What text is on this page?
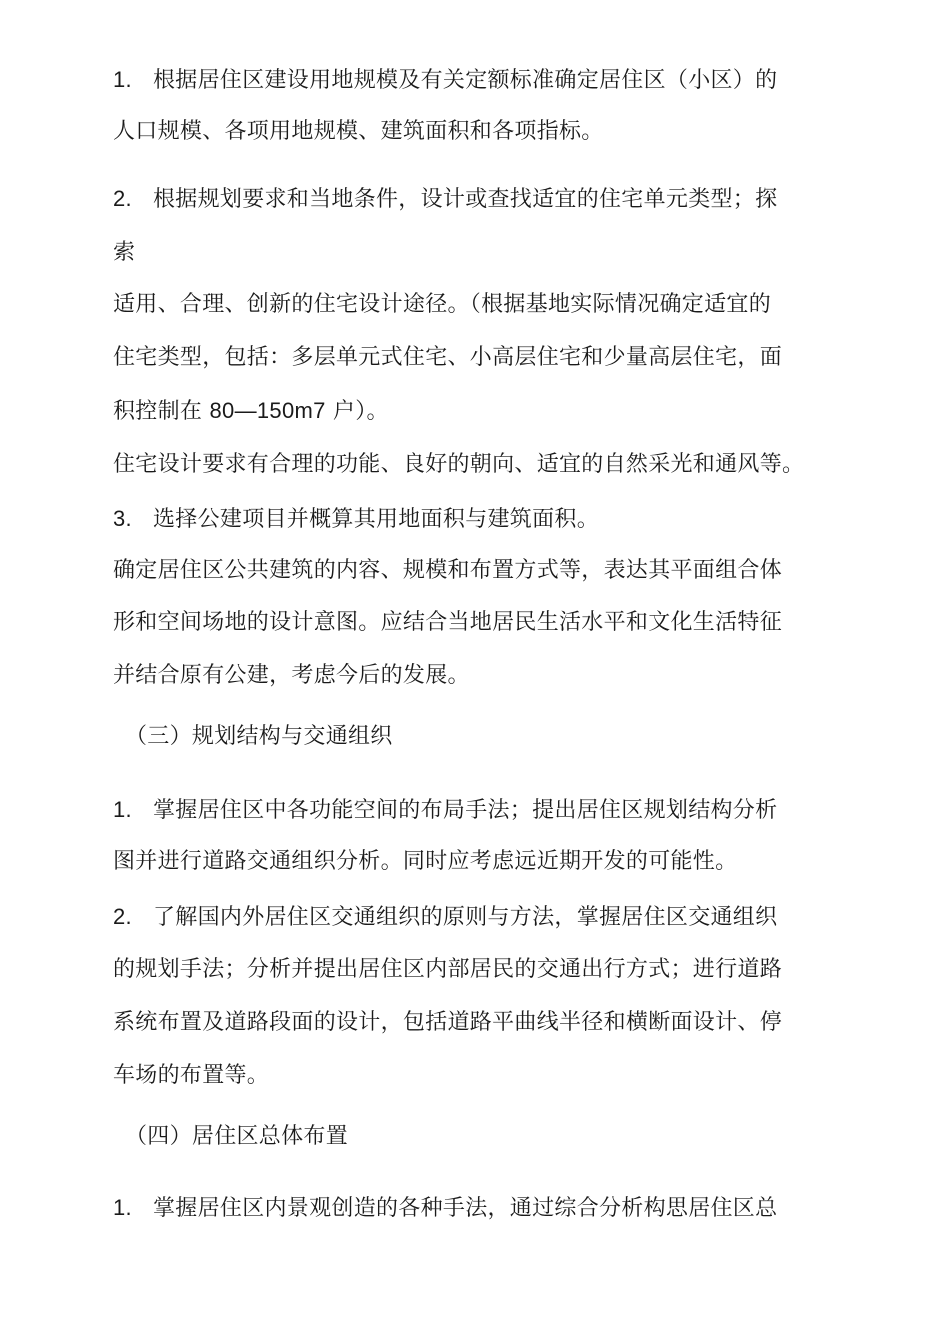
1. 根据居住区建设用地规模及有关定额标准确定居住区（小区）的
人口规模、各项用地规模、建筑面积和各项指标。
2. 根据规划要求和当地条件，设计或查找适宜的住宅单元类型；探
索
适用、合理、创新的住宅设计途径。（根据基地实际情况确定适宜的
住宅类型，包括：多层单元式住宅、小高层住宅和少量高层住宅，面
积控制在 80—150m7 户）。
住宅设计要求有合理的功能、良好的朝向、适宜的自然采光和通风等。
3. 选择公建项目并概算其用地面积与建筑面积。
确定居住区公共建筑的内容、规模和布置方式等，表达其平面组合体
形和空间场地的设计意图。应结合当地居民生活水平和文化生活特征
并结合原有公建，考虑今后的发展。
（三）规划结构与交通组织
1. 掌握居住区中各功能空间的布局手法；提出居住区规划结构分析
图并进行道路交通组织分析。同时应考虑远近期开发的可能性。
2. 了解国内外居住区交通组织的原则与方法，掌握居住区交通组织
的规划手法；分析并提出居住区内部居民的交通出行方式；进行道路
系统布置及道路段面的设计，包括道路平曲线半径和横断面设计、停
车场的布置等。
（四）居住区总体布置
1. 掌握居住区内景观创造的各种手法，通过综合分析构思居住区总
